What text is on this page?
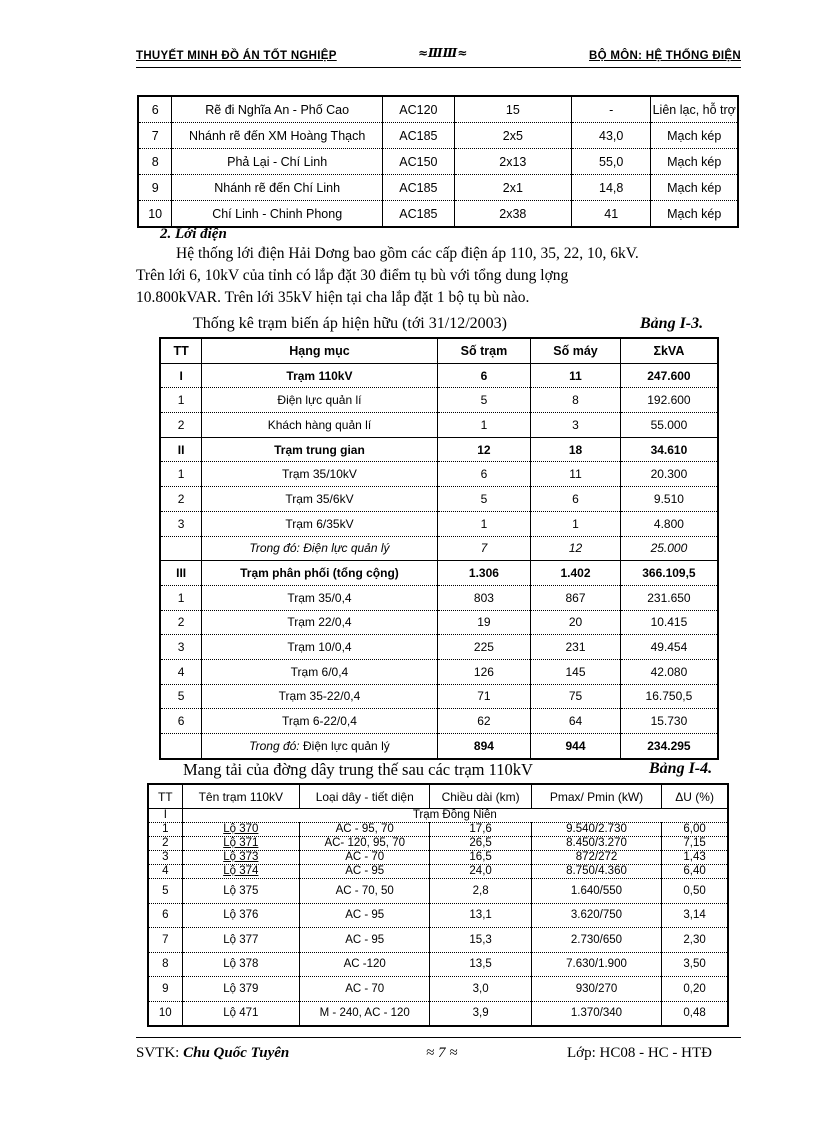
THUYẾT MINH ĐỒ ÁN TỐT NGHIỆP	≈ⅢⅢ≈	BỘ MÔN: HỆ THỐNG ĐIỆN
6	Rẽ đi Nghĩa An - Phố Cao	AC120	15	-	Liên lạc, hỗ trợ
7	Nhánh rẽ đến XM Hoàng Thạch	AC185	2x5	43,0	Mạch kép
8	Phả Lại - Chí Linh	AC150	2x13	55,0	Mạch kép
9	Nhánh rẽ đến Chí Linh	AC185	2x1	14,8	Mạch kép
10	Chí Linh - Chinh Phong	AC185	2x38	41	Mạch kép
2. Lới điện
Hệ thống lới điện Hải Dơng bao gồm các cấp điện áp 110, 35, 22, 10, 6kV.
Trên lới 6, 10kV của tỉnh có lắp đặt 30 điểm tụ bù với tổng dung lợng
10.800kVAR. Trên lới 35kV hiện tại cha lắp đặt 1 bộ tụ bù nào.
Thống kê trạm biến áp hiện hữu (tới 31/12/2003)	Bảng I-3.
TT	Hạng mục	Số trạm	Số máy	ΣkVA
I	Trạm 110kV	6	11	247.600
1	Điện lực quản lí	5	8	192.600
2	Khách hàng quản lí	1	3	55.000
II	Trạm trung gian	12	18	34.610
1	Trạm 35/10kV	6	11	20.300
2	Trạm 35/6kV	5	6	9.510
3	Trạm 6/35kV	1	1	4.800
	Trong đó: Điện lực quản lý	7	12	25.000
III	Trạm phân phối (tổng cộng)	1.306	1.402	366.109,5
1	Trạm 35/0,4	803	867	231.650
2	Trạm 22/0,4	19	20	10.415
3	Trạm 10/0,4	225	231	49.454
4	Trạm 6/0,4	126	145	42.080
5	Trạm 35-22/0,4	71	75	16.750,5
6	Trạm 6-22/0,4	62	64	15.730
	Trong đó: Điện lực quản lý	894	944	234.295
Mang tải của đờng dây trung thế sau các trạm 110kV	Bảng I-4.
TT	Tên trạm 110kV	Loại dây - tiết diện	Chiều dài (km)	Pmax/ Pmin (kW)	ΔU (%)
I	Trạm Đồng Niên				
1	Lộ 370	AC - 95, 70	17,6	9.540/2.730	6,00
2	Lộ 371	AC- 120, 95, 70	26,5	8.450/3.270	7,15
3	Lộ 373	AC - 70	16,5	872/272	1,43
4	Lộ 374	AC - 95	24,0	8.750/4.360	6,40
5	Lộ 375	AC - 70, 50	2,8	1.640/550	0,50
6	Lộ 376	AC - 95	13,1	3.620/750	3,14
7	Lộ 377	AC - 95	15,3	2.730/650	2,30
8	Lộ 378	AC -120	13,5	7.630/1.900	3,50
9	Lộ 379	AC - 70	3,0	930/270	0,20
10	Lộ 471	M - 240, AC - 120	3,9	1.370/340	0,48
SVTK: Chu Quốc Tuyên	≈ 7 ≈	Lớp: HC08 - HC - HTĐ
